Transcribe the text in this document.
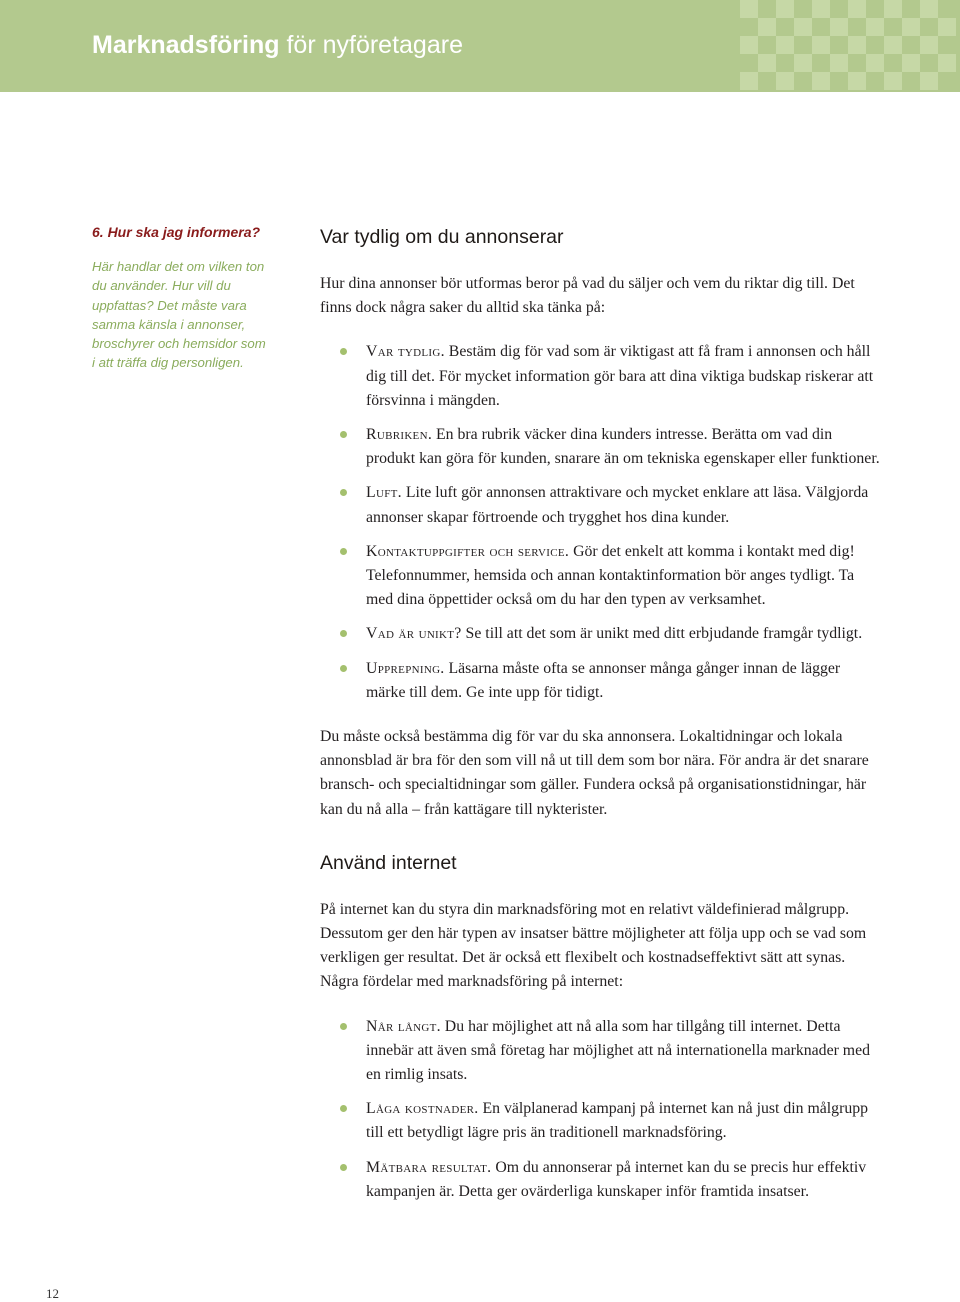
Marknadsföring för nyföretagare
6. Hur ska jag informera?

Här handlar det om vilken ton du använder. Hur vill du uppfattas? Det måste vara samma känsla i annonser, broschyrer och hemsidor som i att träffa dig personligen.

Var tydlig om du annonserar

Hur dina annonser bör utformas beror på vad du säljer och vem du riktar dig till. Det finns dock några saker du alltid ska tänka på:

Var tydlig. Bestäm dig för vad som är viktigast att få fram i annonsen och håll dig till det. För mycket information gör bara att dina viktiga budskap riskerar att försvinna i mängden.
Rubriken. En bra rubrik väcker dina kunders intresse. Berätta om vad din produkt kan göra för kunden, snarare än om tekniska egenskaper eller funktioner.
Luft. Lite luft gör annonsen attraktivare och mycket enklare att läsa. Välgjorda annonser skapar förtroende och trygghet hos dina kunder.
Kontaktuppgifter och service. Gör det enkelt att komma i kontakt med dig! Telefonnummer, hemsida och annan kontaktinformation bör anges tydligt. Ta med dina öppettider också om du har den typen av verksamhet.
Vad är unikt? Se till att det som är unikt med ditt erbjudande framgår tydligt.
Upprepning. Läsarna måste ofta se annonser många gånger innan de lägger märke till dem. Ge inte upp för tidigt.

Du måste också bestämma dig för var du ska annonsera. Lokaltidningar och lokala annonsblad är bra för den som vill nå ut till dem som bor nära. För andra är det snarare bransch- och specialtidningar som gäller. Fundera också på organisationstidningar, här kan du nå alla – från kattägare till nykterister.

Använd internet

På internet kan du styra din marknadsföring mot en relativt väldefinierad målgrupp. Dessutom ger den här typen av insatser bättre möjligheter att följa upp och se vad som verkligen ger resultat. Det är också ett flexibelt och kostnadseffektivt sätt att synas. Några fördelar med marknadsföring på internet:

Når långt. Du har möjlighet att nå alla som har tillgång till internet. Detta innebär att även små företag har möjlighet att nå internationella marknader med en rimlig insats.
Låga kostnader. En välplanerad kampanj på internet kan nå just din målgrupp till ett betydligt lägre pris än traditionell marknadsföring.
Mätbara resultat. Om du annonserar på internet kan du se precis hur effektiv kampanjen är. Detta ger ovärderliga kunskaper inför framtida insatser.
12
